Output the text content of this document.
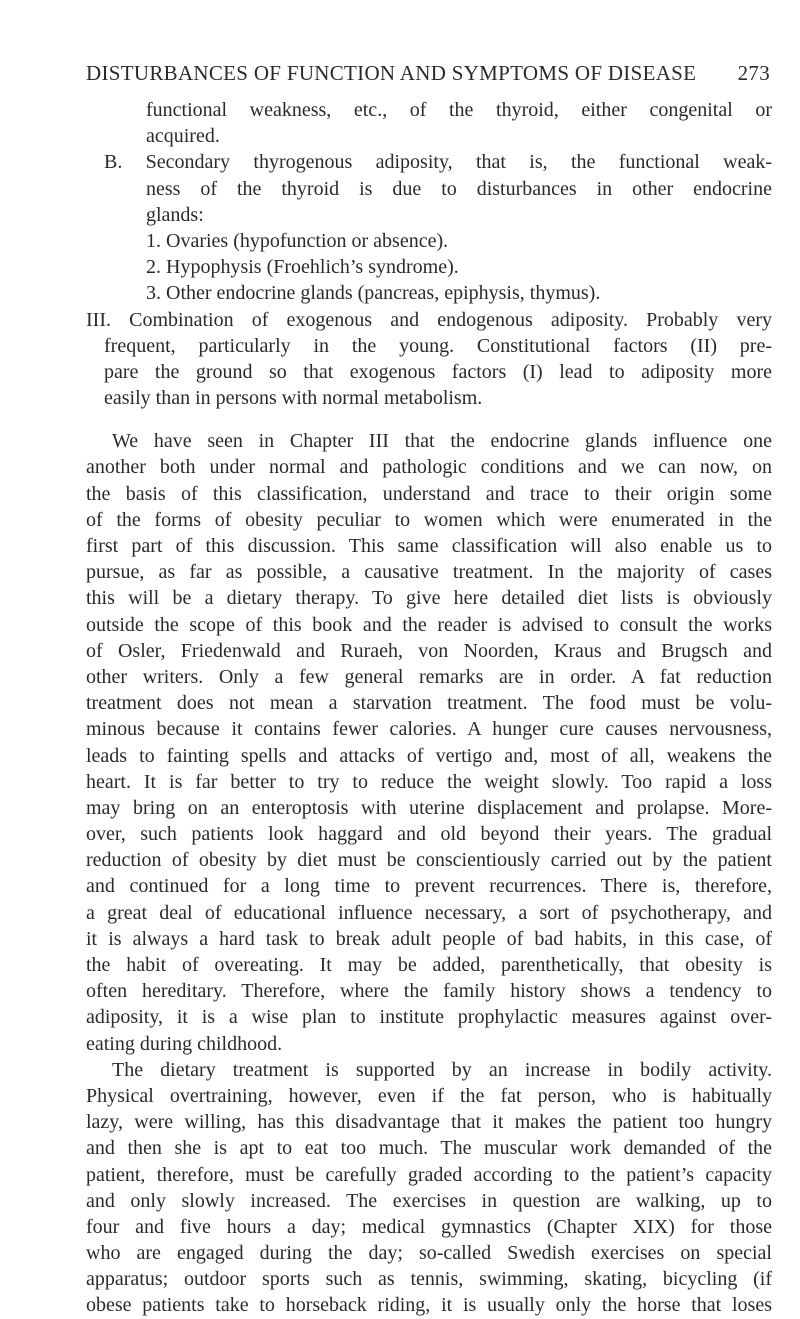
DISTURBANCES OF FUNCTION AND SYMPTOMS OF DISEASE 273
functional weakness, etc., of the thyroid, either congenital or
acquired.
B. Secondary thyrogenous adiposity, that is, the functional weak-
ness of the thyroid is due to disturbances in other endocrine
glands:
1. Ovaries (hypofunction or absence).
2. Hypophysis (Froehlich’s syndrome).
3. Other endocrine glands (pancreas, epiphysis, thymus).
III. Combination of exogenous and endogenous adiposity. Probably very
frequent, particularly in the young. Constitutional factors (II) pre-
pare the ground so that exogenous factors (I) lead to adiposity more
easily than in persons with normal metabolism.
We have seen in Chapter III that the endocrine glands influence one
another both under normal and pathologic conditions and we can now, on
the basis of this classification, understand and trace to their origin some
of the forms of obesity peculiar to women which were enumerated in the
first part of this discussion. This same classification will also enable us to
pursue, as far as possible, a causative treatment. In the majority of cases
this will be a dietary therapy. To give here detailed diet lists is obviously
outside the scope of this book and the reader is advised to consult the works
of Osler, Friedenwald and Ruraeh, von Noorden, Kraus and Brugsch and
other writers. Only a few general remarks are in order. A fat reduction
treatment does not mean a starvation treatment. The food must be volu-
minous because it contains fewer calories. A hunger cure causes nervousness,
leads to fainting spells and attacks of vertigo and, most of all, weakens the
heart. It is far better to try to reduce the weight slowly. Too rapid a loss
may bring on an enteroptosis with uterine displacement and prolapse. More-
over, such patients look haggard and old beyond their years. The gradual
reduction of obesity by diet must be conscientiously carried out by the patient
and continued for a long time to prevent recurrences. There is, therefore,
a great deal of educational influence necessary, a sort of psychotherapy, and
it is always a hard task to break adult people of bad habits, in this case, of
the habit of overeating. It may be added, parenthetically, that obesity is
often hereditary. Therefore, where the family history shows a tendency to
adiposity, it is a wise plan to institute prophylactic measures against over-
eating during childhood.
The dietary treatment is supported by an increase in bodily activity.
Physical overtraining, however, even if the fat person, who is habitually
lazy, were willing, has this disadvantage that it makes the patient too hungry
and then she is apt to eat too much. The muscular work demanded of the
patient, therefore, must be carefully graded according to the patient’s capacity
and only slowly increased. The exercises in question are walking, up to
four and five hours a day; medical gymnastics (Chapter XIX) for those
who are engaged during the day; so-called Swedish exercises on special
apparatus; outdoor sports such as tennis, swimming, skating, bicycling (if
obese patients take to horseback riding, it is usually only the horse that loses
